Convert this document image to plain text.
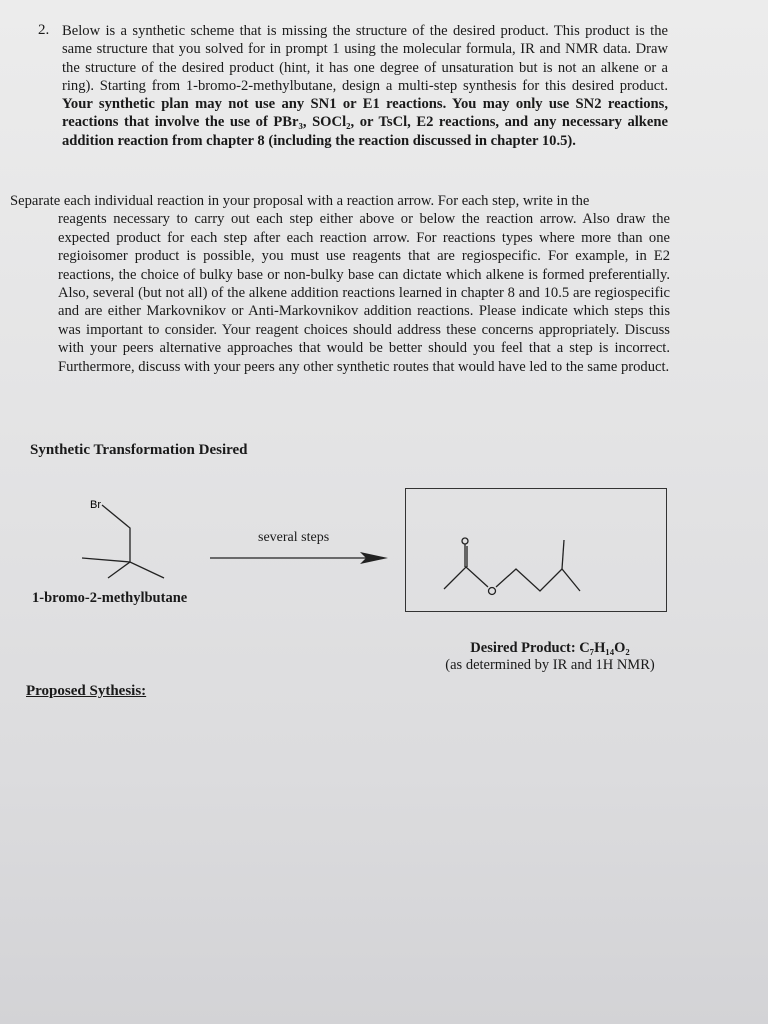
2. Below is a synthetic scheme that is missing the structure of the desired product. This product is the same structure that you solved for in prompt 1 using the molecular formula, IR and NMR data. Draw the structure of the desired product (hint, it has one degree of unsaturation but is not an alkene or a ring). Starting from 1-bromo-2-methylbutane, design a multi-step synthesis for this desired product. Your synthetic plan may not use any SN1 or E1 reactions. You may only use SN2 reactions, reactions that involve the use of PBr₃, SOCl₂, or TsCl, E2 reactions, and any necessary alkene addition reaction from chapter 8 (including the reaction discussed in chapter 10.5).
Separate each individual reaction in your proposal with a reaction arrow. For each step, write in the
reagents necessary to carry out each step either above or below the reaction arrow. Also draw the expected product for each step after each reaction arrow. For reactions types where more than one regioisomer product is possible, you must use reagents that are regiospecific. For example, in E2 reactions, the choice of bulky base or non-bulky base can dictate which alkene is formed preferentially. Also, several (but not all) of the alkene addition reactions learned in chapter 8 and 10.5 are regiospecific and are either Markovnikov or Anti-Markovnikov addition reactions. Please indicate which steps this was important to consider. Your reagent choices should address these concerns appropriately. Discuss with your peers alternative approaches that would be better should you feel that a step is incorrect. Furthermore, discuss with your peers any other synthetic routes that would have led to the same product.
Synthetic Transformation Desired
Br
1-bromo-2-methylbutane
several steps
Desired Product: C₇H₁₄O₂
(as determined by IR and 1H NMR)
Proposed Sythesis:
